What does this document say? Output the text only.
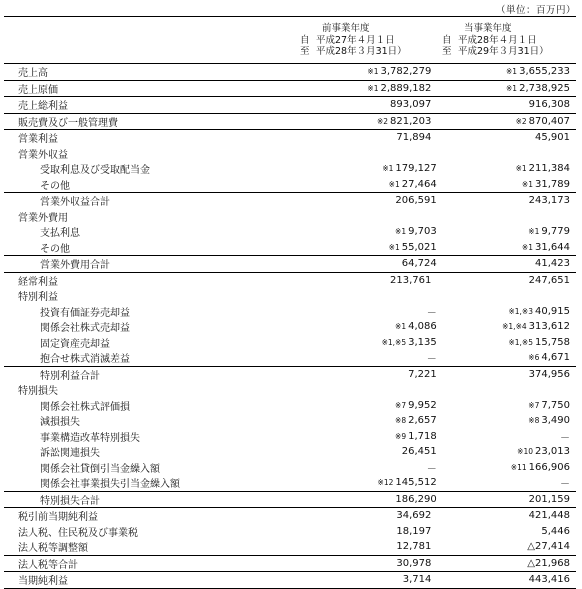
（単位：百万円）
前事業年度
自
至
平成27年４月１日
平成28年３月31日）
当事業年度
自
至
平成28年４月１日
平成29年３月31日）
売上高	※1 3,782,279	※1 3,655,233
売上原価	※1 2,889,182	※1 2,738,925
売上総利益	893,097	916,308
販売費及び一般管理費	※2 821,203	※2 870,407
営業利益	71,894	45,901
営業外収益
受取利息及び受取配当金	※1 179,127	※1 211,384
その他	※1 27,464	※1 31,789
営業外収益合計	206,591	243,173
営業外費用
支払利息	※1 9,703	※1 9,779
その他	※1 55,021	※1 31,644
営業外費用合計	64,724	41,423
経常利益	213,761	247,651
特別利益
投資有価証券売却益	－	※1,※3 40,915
関係会社株式売却益	※1 4,086	※1,※4 313,612
固定資産売却益	※1,※5 3,135	※1,※5 15,758
抱合せ株式消滅差益	－	※6 4,671
特別利益合計	7,221	374,956
特別損失
関係会社株式評価損	※7 9,952	※7 7,750
減損損失	※8 2,657	※8 3,490
事業構造改革特別損失	※9 1,718	－
訴訟関連損失	26,451	※10 23,013
関係会社貸倒引当金繰入額	－	※11 166,906
関係会社事業損失引当金繰入額	※12 145,512	－
特別損失合計	186,290	201,159
税引前当期純利益	34,692	421,448
法人税、住民税及び事業税	18,197	5,446
法人税等調整額	12,781	△27,414
法人税等合計	30,978	△21,968
当期純利益	3,714	443,416
